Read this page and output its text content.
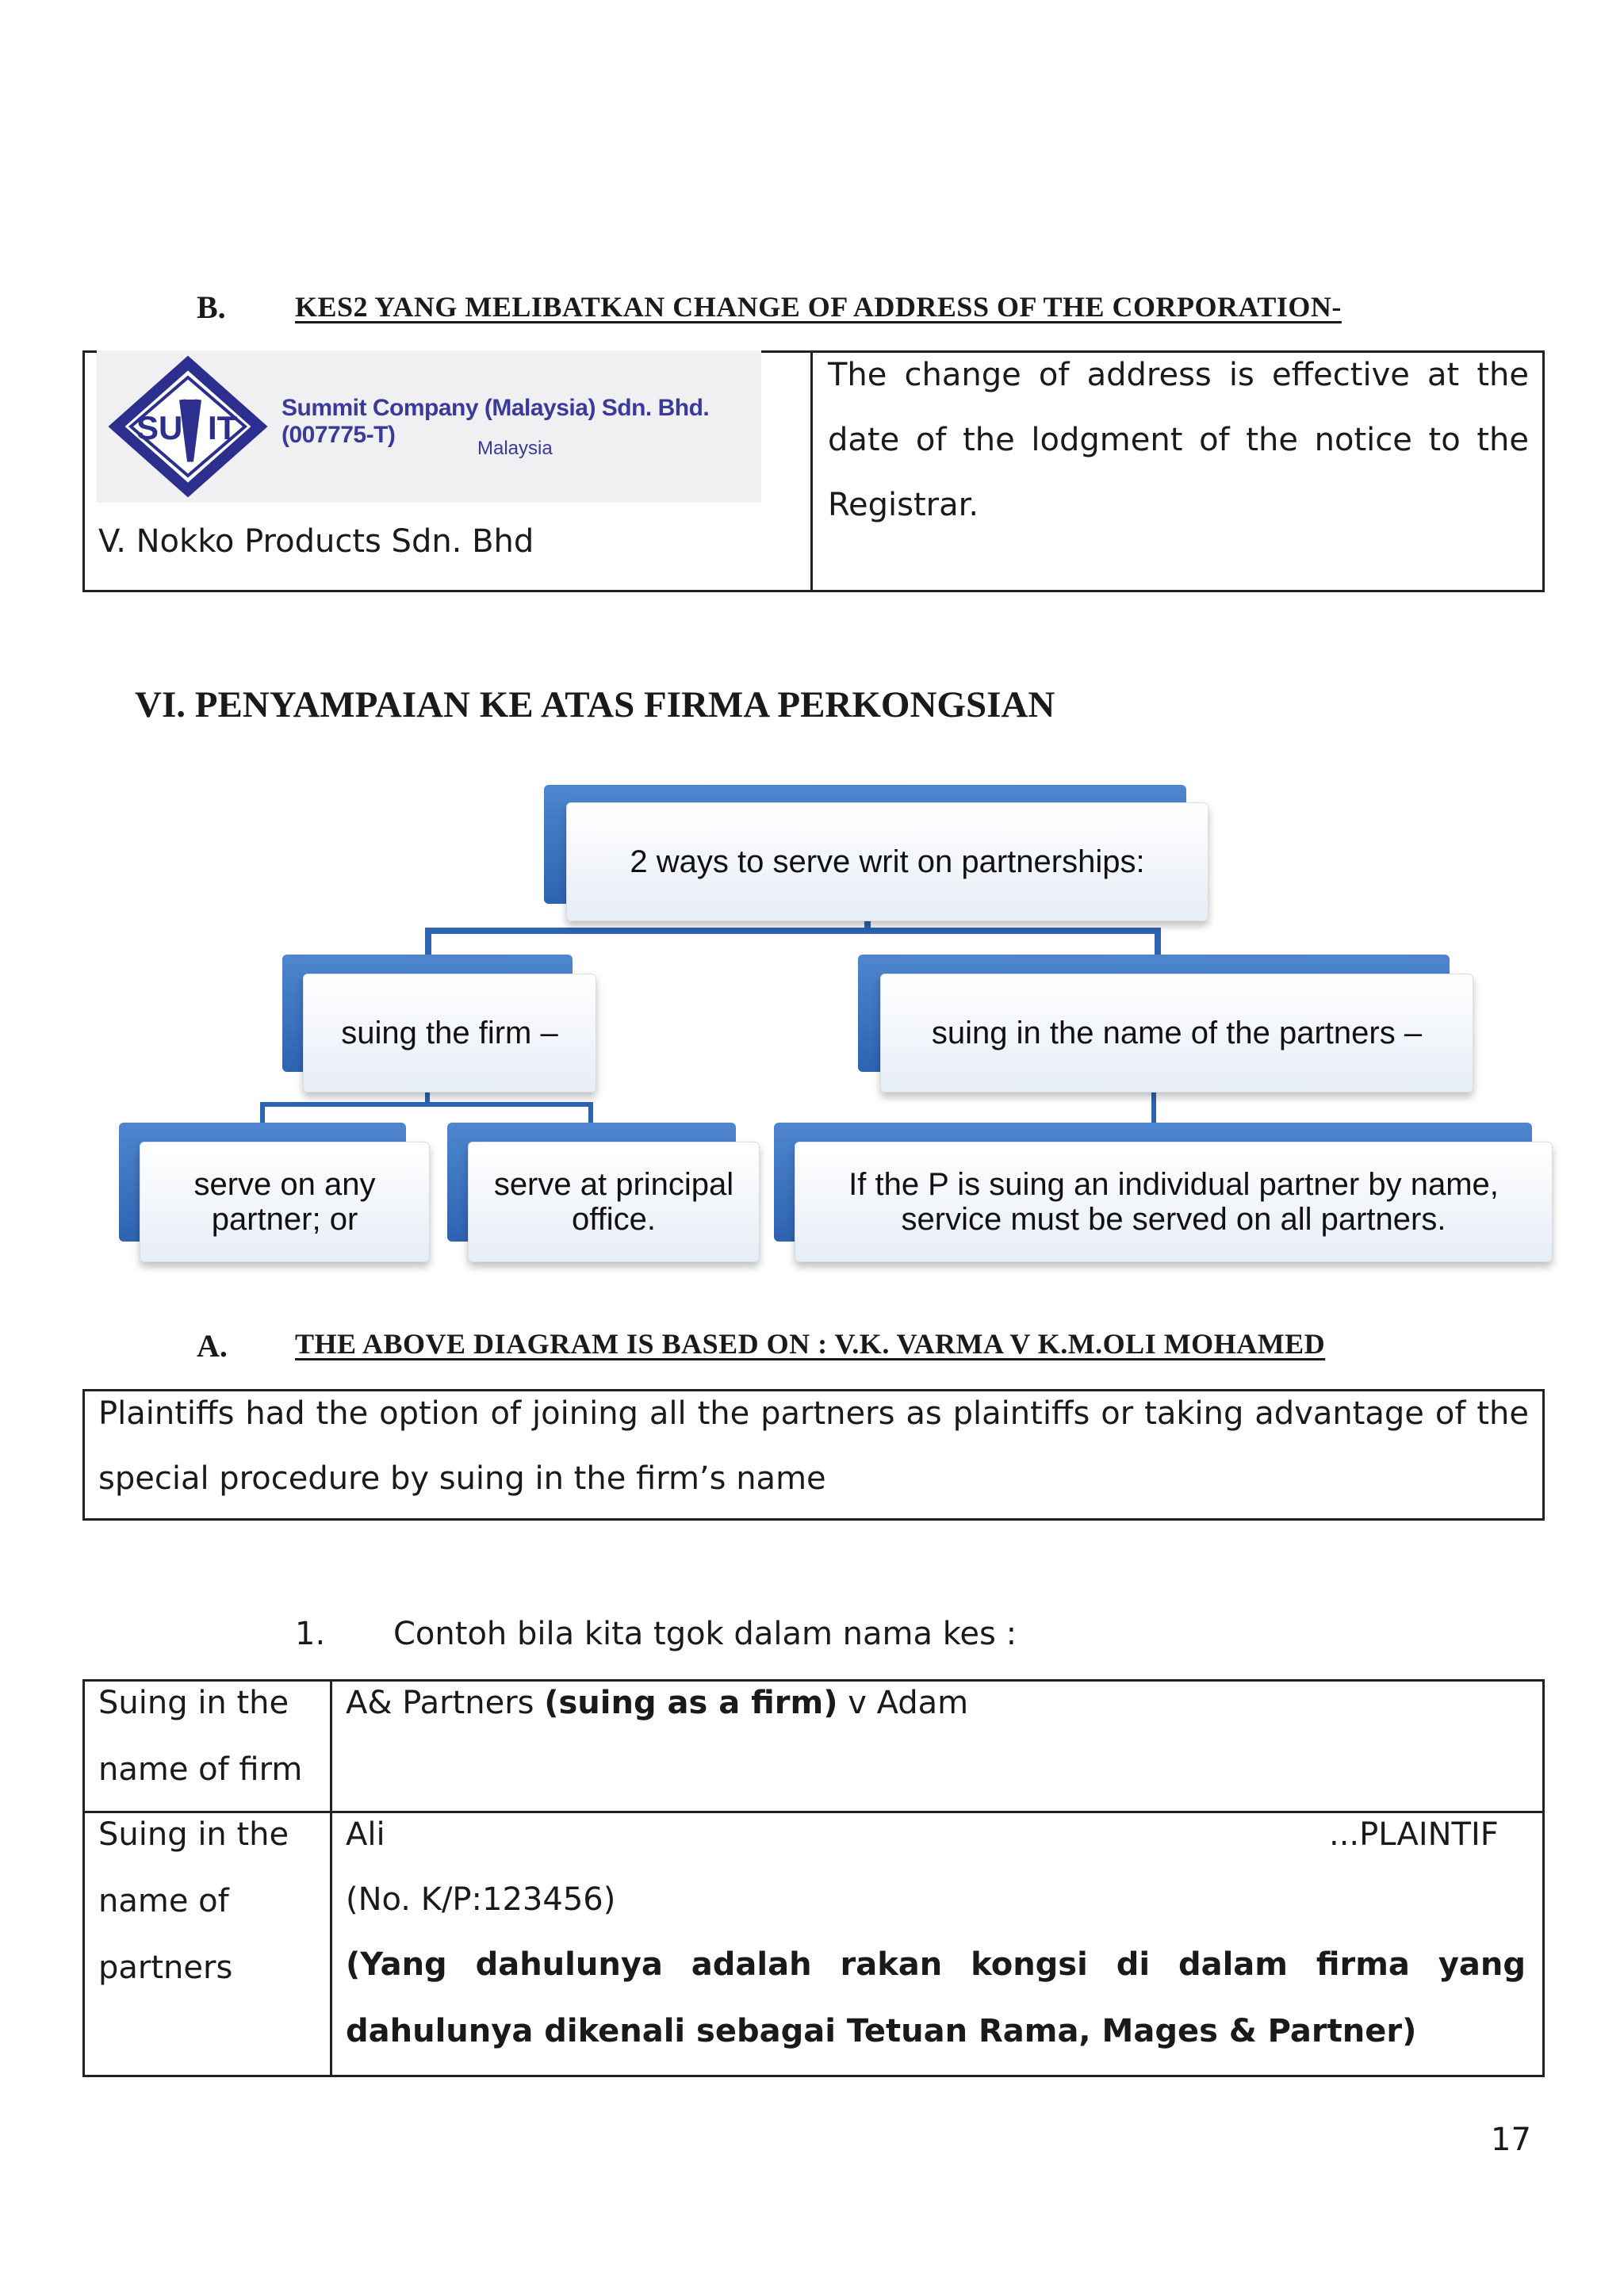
B. KES2 YANG MELIBATKAN CHANGE OF ADDRESS OF THE CORPORATION-
SU IT
Summit Company (Malaysia) Sdn. Bhd. (007775-T)
Malaysia
V. Nokko Products Sdn. Bhd
The change of address is effective at the date of the lodgment of the notice to the Registrar.
VI. PENYAMPAIAN KE ATAS FIRMA PERKONGSIAN
2 ways to serve writ on partnerships:
suing the firm –	suing in the name of the partners –
serve on any partner; or
serve at principal office.
If the P is suing an individual partner by name, service must be served on all partners.
A. THE ABOVE DIAGRAM IS BASED ON : V.K. VARMA V K.M.OLI MOHAMED
Plaintiffs had the option of joining all the partners as plaintiffs or taking advantage of the special procedure by suing in the firm’s name
1. Contoh bila kita tgok dalam nama kes :
Suing in the name of firm
A& Partners (suing as a firm) v Adam
Suing in the name of partners
Ali	...PLAINTIF
(No. K/P:123456)
(Yang dahulunya adalah rakan kongsi di dalam firma yang dahulunya dikenali sebagai Tetuan Rama, Mages & Partner)
17
